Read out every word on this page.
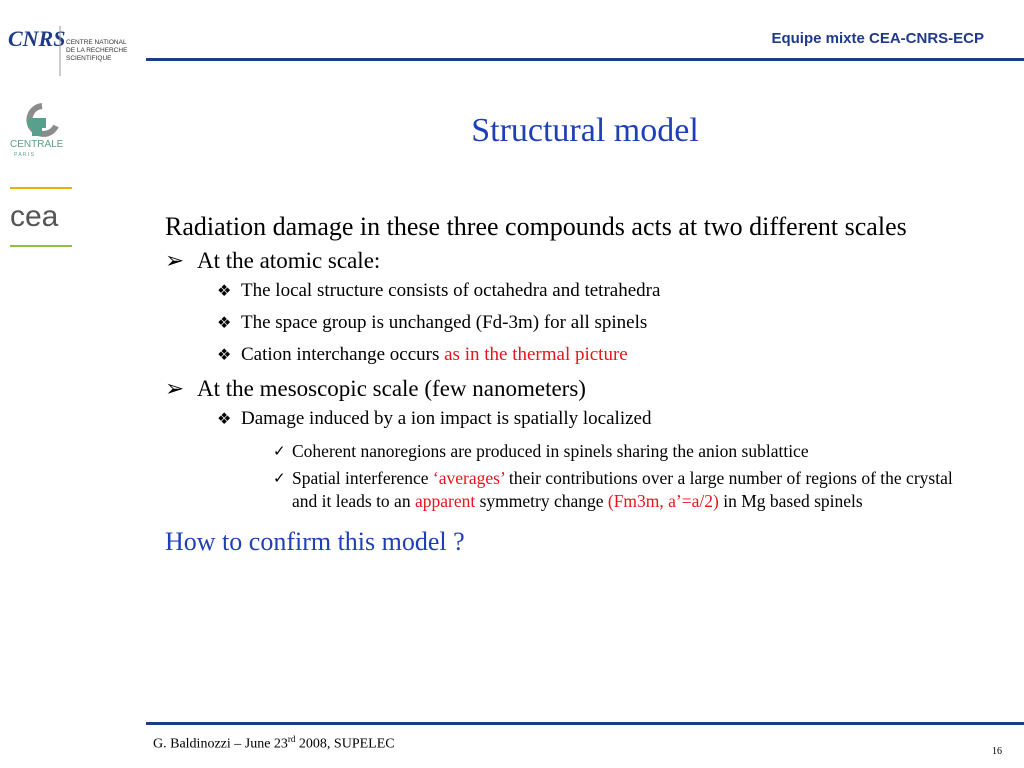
CNRS CENTRE NATIONAL
DE LA RECHERCHE
SCIENTIFIQUE
CENTRALE
P A R I S
cea
Equipe mixte CEA-CNRS-ECP
Structural model

Radiation damage in these three compounds acts at two different scales

➢ At the atomic scale:
❖ The local structure consists of octahedra and tetrahedra
❖ The space group is unchanged (Fd-3m) for all spinels
❖ Cation interchange occurs as in the thermal picture
➢ At the mesoscopic scale (few nanometers)
❖ Damage induced by a ion impact is spatially localized
✓ Coherent nanoregions are produced in spinels sharing the anion sublattice
✓ Spatial interference ‘averages’ their contributions over a large number of regions of the crystal and it leads to an apparent symmetry change (Fm3m, a’=a/2) in Mg based spinels
How to confirm this model ?
G. Baldinozzi – June 23rd 2008, SUPELEC	16
